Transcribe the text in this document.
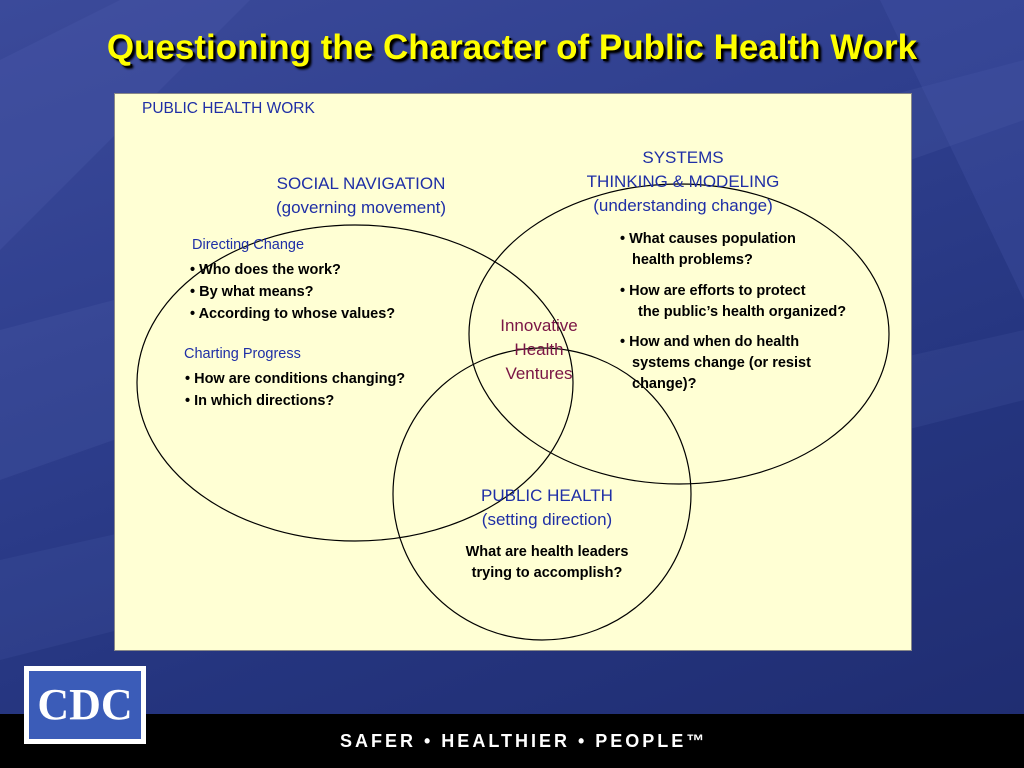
Questioning the Character of Public Health Work
PUBLIC HEALTH WORK
SOCIAL NAVIGATION
(governing movement)
Directing Change
• Who does the work?
• By what means?
• According to whose values?
Charting Progress
• How are conditions changing?
• In which directions?
SYSTEMS
THINKING & MODELING
(understanding change)
• What causes population
health problems?
• How are efforts to protect
the public’s health organized?
• How and when do health
systems change (or resist
change)?
Innovative
Health
Ventures
PUBLIC HEALTH
(setting direction)
What are health leaders
trying to accomplish?
SAFER • HEALTHIER • PEOPLE™
CDC
